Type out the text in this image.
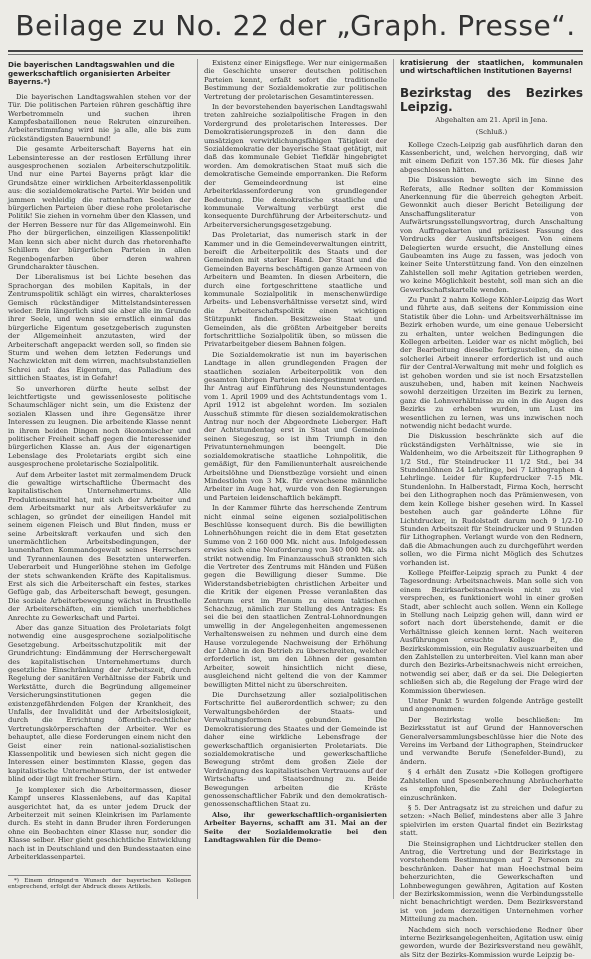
Beilage zu No. 22 der „Graph. Presse“.
Die bayerischen Landtagswahlen und die gewerkschaftlich organisierten Arbeiter Bayerns.*)

Die bayerischen Landtagswahlen stehen vor der Tür. Die politischen Parteien rühren geschäftig ihre Werbetrommeln und suchen ihren Kampfesbataillonen neue Rekruten einzureihen. Arbeiterstimmfang wird nie ja alle, alle bis zum rückständigsten Bauernbund!

Die gesamte Arbeiterschaft Bayerns hat ein Lebensinteresse an der restlosen Erfüllung ihrer ausgesprochenen sozialen Arbeiterschutzpolitik. Und nur eine Partei Bayerns prägt klar die Grundsätze einer wirklichen Arbeiterklassenpolitik aus: die sozialdemokratische Partei. Wir beiden und jammen wehleidig die rattenhaften Seelen der bürgerlichen Parteien über diese rohe proletarische Politik! Sie ziehen in vornehm über den Klassen, und der Herren Bessere nur für das Allgemeinwohl. Ein Pho der bürgerlichen, einzeiligen Klassenpolitik! Man kenn sich aber nicht durch das rhetorenhafte Schillern der bürgerlichen Parteien in allen Regenbogenfarben über deren wahren Grundcharakter täuschen.

Der Liberalismus ist bei Lichte besehen das Sprachorgan des mobilen Kapitals, in der Zentrumspolitik schlägt ein wirres, charakterloses Gemisch rückständiger Mittelstandsinteressen wieder. Brin längerlich sind sie aber alle im Grunde ihrer Seele, und wenn sie ernstlich einmal das bürgerliche Eigentum gesetzgeberisch zugunsten der Allgemeinheit anzutasten, wird der Arbeiterschaft angepackt werden soll, so finden sie Sturm und wehen dem letzten Federungs und Nachzwickten mit dem wirren, machtsubstanziellen Schrei auf: das Eigentum, das Palladium des sittlichen Staates, ist in Gefahr!

So unverhoren dürfte heute selbst der leichtfertigste und gewissenloseste politische Schaumschläger nicht sein, um die Existenz der sozialen Klassen und ihre Gegensätze ihrer Interessen zu leugnen. Die arbeitende Klasse nennt in ihrem beiden Dingen noch ökonomischer und politischer Freiheit schaff gegen die Interessenider bürgerlichen Klasse an. Aus der eigenartigen Lebenslage des Proletariats ergibt sich eine ausgesprochene proletarische Sozialpolitik.

Auf dem Arbeiter lastet mit zermalmendem Druck die gewaltige wirtschaftliche Übermacht des kapitalistischen Unternehmertums. Alle Produktionsmittel hat, mit sich der Arbeiter und dem Arbeitsmarkt nur als Arbeitsverkäufer zu schlagen, so gründet der eineiligen Handel mit seinem eigenen Fleisch und Blut finden, muss er seine Arbeitskraft verkaufen und sich den unermächtlichen Arbeitsbedingungen, der launenhaften Kommandogewalt seines Herrschers und Tyrannenlaunen des Besetzten unterwerfen. Ueberarbeit und Hungerlöhne stehen im Gefolge der stets schwankenden Kräfte des Kapitalismus. Erst als sich die Arbeiterschaft ein festes, starkes Gefüge gab, das Arbeiterschaft bewegt, gesungen. Die soziale Arbeiterbewegung wächst in Brusthelle der Arbeiterschäften, ein ziemlich unerhebliches Anrechte zu Gewerkschaft und Partei.

Aber das ganze Situation des Proletariats folgt notwendig eine ausgesprochene sozialpolitische Gesetzgebung. Arbeitsschutzpolitik mit der Grundrichtung: Eindämmung der Herrschergewalt des kapitalistischen Unternehmertums durch gesetzliche Einschränkung der Arbeitszeit, durch Regelung der sanitären Verhältnisse der Fabrik und Werkstätte, durch die Begründung allgemeiner Versicherungsinstitutionen gegen die existenzgefährdenden Folgen der Krankheit, des Unfalls, der Invalidität und der Arbeitslosigkeit, durch die Errichtung öffentlich-rechtlicher Vertretungskörperschaften der Arbeiter. Wer es behauptet, alle diese Forderungen einem nicht den Geist einer rein national-sozialistischen Klassenpolitik und bewiesen sich nicht gegen die Interessen einer bestimmten Klasse, gegen das kapitalistische Unternehmertum, der ist entweder blind oder lügt mit frecher Stirn.

Je komplexer sich die Arbeitermassen, dieser Kampf unseres Klassenlebens, auf das Kapital ausgerichtet hat, da es unter jedem Druck der Arbeiterzeit mit seinen Kleinkrisen im Parlamente durch. Es steht in dann Bruder ihren Forderungen ohne ein Beobachten einer Klasse nur, sonder die Klasse selber. Hier gieht geschichtliche Entwicklung nach ist in Deutschland und den Bundesstaaten eine Arbeiterklassenpartei.

*) Einem dringend·n Wunsch der bayerischen Kollegen entsprechend, erfolgt der Abdruck dieses Artikels.

Existenz einer Einigsflege. Wer nur einigermaßen die Geschichte unserer deutschen politischen Parteien kennt, erfaßt sofort die traditionelle Bestimmung der Sozialdemokratie zur politischen Vertretung der proletarischen Gesamtinteressen.

In der bevorstehenden bayerischen Landtagswahl treten zahlreiche sozialpolitische Fragen in den Vordergrund des proletarischen Interesses. Der Demokratisierungsprozeß in den dann die umsätzigen verwirklichungsfähigen Tätigkeit der Sozialdemokratie der bayerische Staat getätigt, mit daß das kommunale Gebiet Tiefklär hingebrigtet worden. Am demokratischen Staat muß sich die demokratische Gemeinde emporranken. Die Reform der Gemeindeordnung ist eine Arbeiterklassenforderung von grundlegender Bedeutung. Die demokratische staatliche und kommunale Verwaltung verbürgt erst die konsequente Durchführung der Arbeiterschutz- und Arbeiterversicherungsgesetzgebung.

Das Proletariat, das numerisch stark in der Kammer und in die Gemeindeverwaltungen eintritt, bereift die Arbeiterpolitik des Staats und der Gemeinden mit starker Hand. Der Staat und die Gemeinden Bayerns beschäftigen ganze Armeen von Arbeitern und Beamten. In diesen Arbeitern, die durch eine fortgeschrittene staatliche und kommunale Sozialpolitik in menschenwürdige Arbeits- und Lebensverhältnisse versetzt sind, wird die Arbeiterschaftspolitik einen wichtigen Stützpunkt finden. Besitzweise Staat und Gemeinden, als die größten Arbeitgeber bereits fortschrittliche Sozialpolitik üben, so müssen die Privatarbeitgeber diesem Bahnen folgen.

Die Sozialdemokratie ist nun im bayerischen Landtage in allen grundlegenden Fragen der staatlichen sozialen Arbeiterpolitik von den gesamten übrigen Parteien niedergestimmt worden. Ihr Antrag auf Einführung des Neunstundentages vom 1. April 1909 und des Achtstundentags vom 1. April 1912 ist abgelehnt worden. Im sozialen Ausschuß stimmte für diesen sozialdemokratischen Antrag nur noch der Abgeordnete Lieberger. Haft der Achtstundentag erst in Staat und Gemeinde seinen Siegeszug, so ist ihm Triumph in den Privatunternehmungen beengelt. Die sozialdemokratische staatliche Lohnpolitik, die gemäßigt, für den Familienunterhalt ausreichende Arbeitslöhne und Dienstbezüge vorsieht und einen Mindestlohn von 3 Mk. für erwachsene männliche Arbeiter im Auge hat, wurde von den Regierungen und Parteien leidenschaftlich bekämpft.

In der Kammer führte das herrschende Zentrum nicht einmal seine eigenen sozialpolitischen Beschlüsse konsequent durch. Bis die bewilligten Lohnerhöhungen reicht die in dem Etat gesetzten Summe von 2 160 000 Mk. nicht aus. Infolgedessen erwies sich eine Neuforderung von 340 000 Mk. als strikt notwendig. Im Finanzausschuß strankten sich die Vertreter des Zentrums mit Händen und Füßen gegen die Bewilligung dieser Summe. Die Widerstandsbetriebigten christlichen Arbeiter und die Kritik der eigenen Presse veranlaßten das Zentrum erst im Plenum zu einem taktischen Schachzug, nämlich zur Stellung des Antrages: Es sei die bei den staatlichen Zentral-Lohnordnungen umwellig in der Angelegenheiten angemessenen Verhaltensweisen zu nehmen und durch eine dem Hause vorzulegende Nachweisung der Erhöhung der Löhne in den Betrieb zu überschreiten, welcher erforderlich ist, um den Löhnen der gesamten Arbeiter, soweit hinsichtlich nicht diese, ausgleichend nicht geltend die von der Kammer bewilligten Mittel nicht zu überschreiten.

Die Durchsetzung aller sozialpolitischen Fortschritte fiel außerordentlich schwer; zu den Verwaltungsbehörden der Staats- und Verwaltungsformen gebunden. Die Demokratisierung des Staates und der Gemeinde ist daher eine wirkliche Lebensfrage der gewerkschaftlich organisierten Proletariats. Die sozialdemokratische und gewerkschaftliche Bewegung strömt dem großen Ziele der Verdrängung des kapitalistischen Vertrauens auf der Wirtschafts- und Staatsordnung zu. Beide Bewegungen arbeiten die Kräste genossenschaftlicher Fabrik und den demokratisch-genossenschaftlichen Staat zu.

Also, ihr gewerkschaftlich-organisierten Arbeiter Bayerns, schafft am 31. Mai an der Seite der Sozialdemokratie bei den Landtagswahlen für die Demo-

kratisierung der staatlichen, kommunalen und wirtschaftlichen Institutionen Bayerns!
Bezirkstag des Bezirkes Leipzig.
Abgehalten am 21. April in Jena.
(Schluß.)

Kollege Czech-Leipzig gab ausführlich daran den Kassenbericht, und, welchen hervorging, daß wir mit einem Defizit von 157.36 Mk. für dieses Jahr abgeschlossen hätten.

Die Diskussion bewegte sich im Sinne des Referats, alle Redner sollten der Kommission Anerkennung für die überreich gehegten Arbeit. Gewonnkit auch dieser Bericht Beteiligung der Anschaffungsliteratur von Aufwärtsrungsstellungsvortrag, durch Anschaltung von Auffragekarten und präzisest Fassung des Vordrucks der Auskunftsbeeigen. Von einem Delegierten wurde ersucht, die Anstellung eines Gaubeamten ins Auge zu fassen, was jedoch von keiner Seite Unterstützung fand. Von den einzelnen Zahlstellen soll mehr Agitation getrieben werden, wo keine Möglichkeit besteht, soll man sich an die Gewerkschaftskartelle wenden.

Zu Punkt 2 nahm Kollege Köhler-Leipzig das Wort und führte aus, daß seitens der Kommission eine Statistik über die Lohn- und Arbeitsverhältnisse im Bezirk erhoben wurde, um eine genaue Uebersicht zu erhalten, unter welchen Bedingungen die Kollegen arbeiten. Leider war es nicht möglich, bei der Bearbeitung dieselbe fertigzustellen, da eine solcherlei Arbeit innerer erforderlich ist und auch für der Central-Verwaltung mit mehr und folglich es ist gehoben worden und sie ist noch Ersatzstellen auszuheben, und, haben mit keinen Nachweis sowohl derzeitigen Urzeiten im Bezirk zu lernen, ganz die Lohnverhältnisse zu ein in die Augen des Bezirks zu erheben wurden, um Lust im wesentlichen zu lernen, was uns inzwischen noch notwendig nicht bedacht wurde.

Die Diskussion beschränkte sich auf die rückständigsten Verhältnisse, wie sie in Waldenheim, wo die Arbeitszeit für Lithographen 9 1/2 Std., für Steindrucker 11 1/2 Std., bei 34 Stundenlöhnen 24 Lehrlinge, bei 7 Lithographen 4 Lehrlinge. Leider für Kupferdrucker 7-15 Mk. Stundenlohn. In Halberstadt, Firma Koch, herrscht bei den Lithographen noch das Prämienwesen, von dem kein Kollege bisher gesehen wird. In Kassel bestehen auch gar geänderte Löhne für Lichtdrucker, in Rudolstadt darum noch 9 1/2-10 Stunden Arbeitszeit für Steindrucker und 9 Stunden für Lithographen. Verlangt wurde von den Rednern, daß die Abmachungen auch zu durchgeführt werden sollen, wo die Firma nicht Möglich des Schutzes vorhanden ist.

Kollege Pfeiffer-Leipzig sprach zu Punkt 4 der Tagesordnung: Arbeitsnachweis. Man solle sich von einem Bezirksarbeitsnachweis nicht zu viel versprechen, es funktioniert wohl in einer großen Stadt, aber schlecht auch sollen. Wenn ein Kollege in Stellung nach Leipzig gehen will, dann wird er sofort nach dort überstehende, damit er die Verhältnisse gleich kennen lernt. Nach weiteren Ausführungen ersuchte Kollege P., die Bezirkskommission, ein Regulativ auszuarbeiten und den Zahlstellen zu unterbreiten. Viel kann man aber durch den Bezirks-Arbeitsnachweis nicht erreichen, notwendig sei aber, daß er da sei. Die Delegierten schließen sich ab, die Regelung der Frage wird der Kommission überwiesen.

Unter Punkt 5 wurden folgende Anträge gestellt und angenommen:

Der Bezirkstag wolle beschließen: Im Bezirksstatut ist auf Grund der Hannoverschen Generalversammlungsbeschlüsse hier die Note des Vereins im Verband der Lithographen, Steindrucker und verwandte Berufe (Senefelder-Bund), zu ändern.

§ 4 erhält den Zusatz »Die Kollegen groftigere Zahlstellen und Spesenberechnung Abräucherhatte es empfohlen, die Zahl der Delegierten einzuschränken.

§ 5. Der Antragsatz ist zu streichen und dafur zu setzen: »Nach Belief, mindestens aber alle 3 Jahre spielvirlen im ersten Quartal findet ein Bezirkstag statt.

Die Steinsigraphen und Lichtdrucker stellen den Antrag, die Vertretung und der Bezirkstage in vorstehendem Bestimmungen auf 2 Personen zu beschränken. Daher hat man Hoechstmal beim beherzurichten, die Gewerkschaften und Lohnbewegungen gewähren, Agitation auf Kosten der Bezirkskommission, wenn die Verbindungsstelle nicht benachrichtigt werden. Dem Bezirksverstand ist von jedem derzeitigen Unternehmen vorher Mitteilung zu machen.

Nachdem sich noch verschiedene Redner über interne Bezirksangelegenheiten, Agitation usw. einig geworden, wurde der Bezirksverstand neu gewählt, als Sitz der Bezirks-Kommission wurde Leipzig be-
